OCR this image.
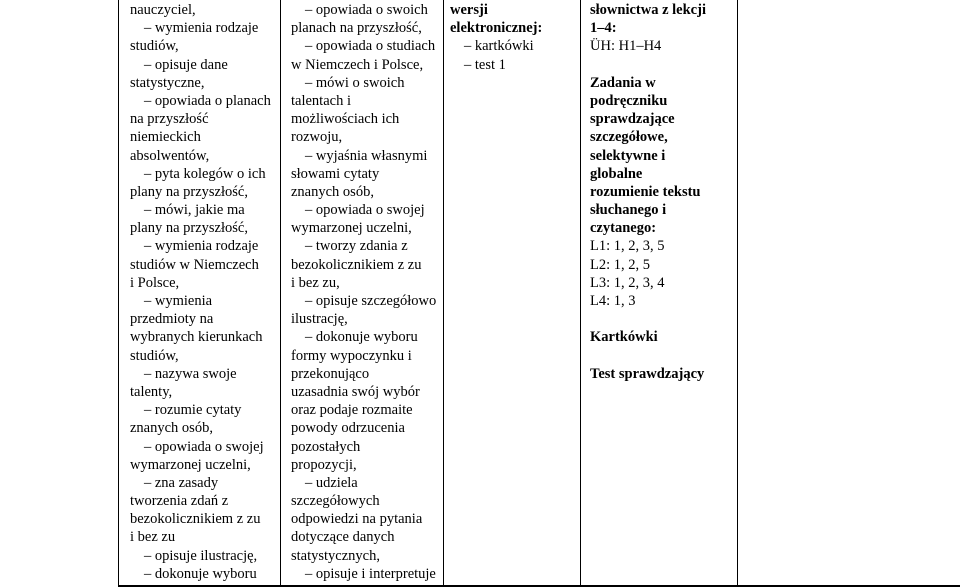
nauczyciel,
– wymienia rodzaje
studiów,
– opisuje dane
statystyczne,
– opowiada o planach
na przyszłość
niemieckich
absolwentów,
– pyta kolegów o ich
plany na przyszłość,
– mówi, jakie ma
plany na przyszłość,
– wymienia rodzaje
studiów w Niemczech
i Polsce,
– wymienia
przedmioty na
wybranych kierunkach
studiów,
– nazywa swoje
talenty,
– rozumie cytaty
znanych osób,
– opowiada o swojej
wymarzonej uczelni,
– zna zasady
tworzenia zdań z
bezokolicznikiem z zu
i bez zu
– opisuje ilustrację,
– dokonuje wyboru
– opowiada o swoich
planach na przyszłość,
– opowiada o studiach
w Niemczech i Polsce,
– mówi o swoich
talentach i
możliwościach ich
rozwoju,
– wyjaśnia własnymi
słowami cytaty
znanych osób,
– opowiada o swojej
wymarzonej uczelni,
– tworzy zdania z
bezokolicznikiem z zu
i bez zu,
– opisuje szczegółowo
ilustrację,
– dokonuje wyboru
formy wypoczynku i
przekonująco
uzasadnia swój wybór
oraz podaje rozmaite
powody odrzucenia
pozostałych
propozycji,
– udziela
szczegółowych
odpowiedzi na pytania
dotyczące danych
statystycznych,
– opisuje i interpretuje
wersji
elektronicznej:
– kartkówki
– test 1
słownictwa z lekcji
1–4:
ÜH: H1–H4
Zadania w
podręczniku
sprawdzające
szczegółowe,
selektywne i
globalne
rozumienie tekstu
słuchanego i
czytanego:
L1: 1, 2, 3, 5
L2: 1, 2, 5
L3: 1, 2, 3, 4
L4: 1, 3
Kartkówki
Test sprawdzający
